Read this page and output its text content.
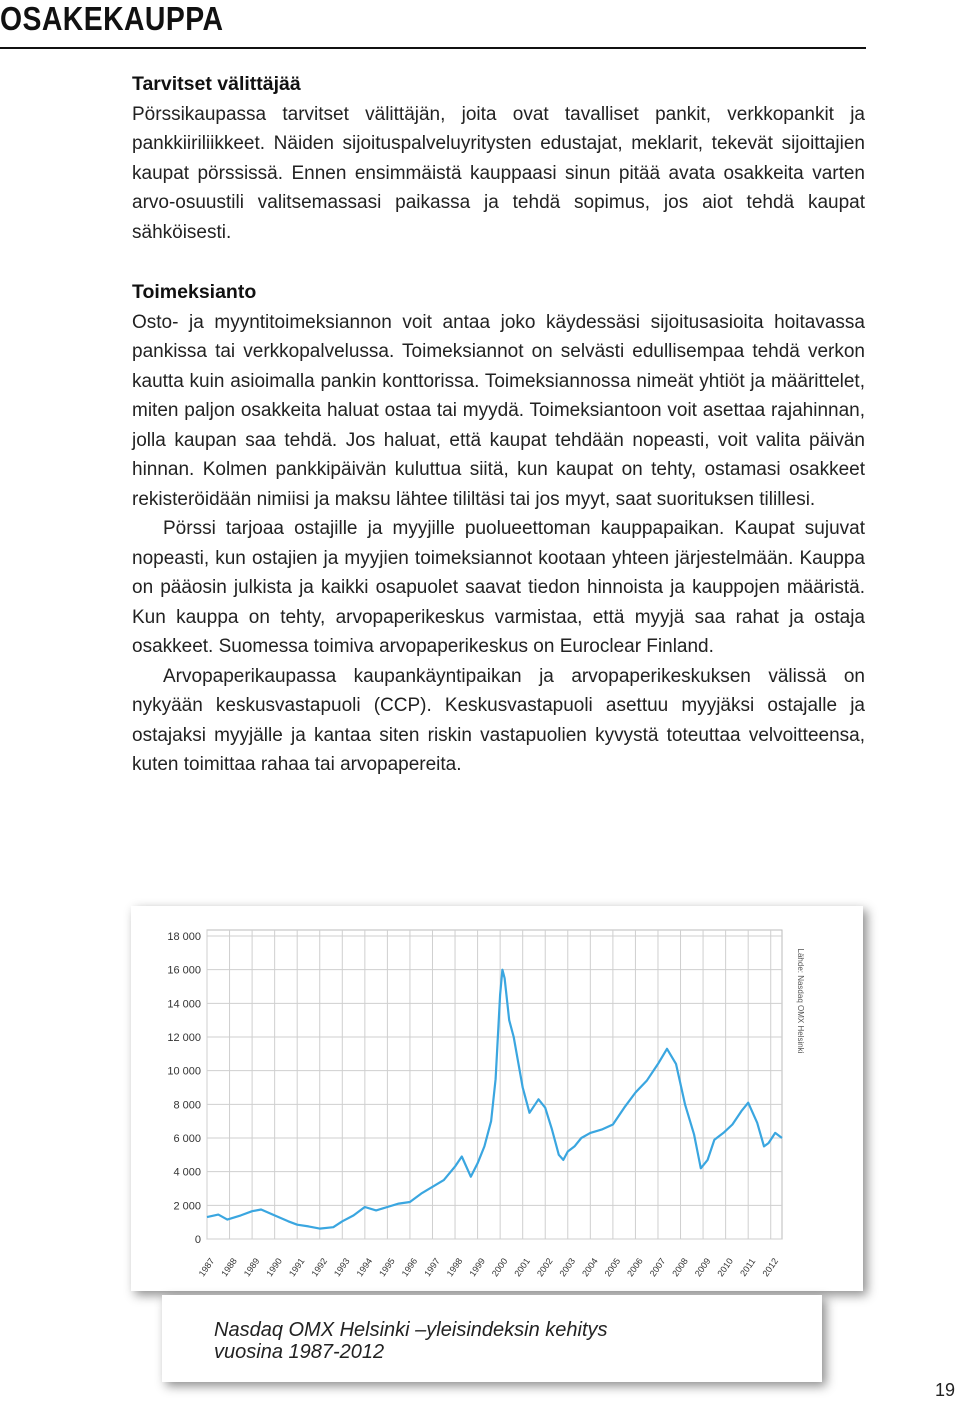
OSAKEKAUPPA
Tarvitset välittäjää

Pörssikaupassa tarvitset välittäjän, joita ovat tavalliset pankit, verkkopankit ja pankkiiriliikkeet. Näiden sijoituspalveluyritysten edustajat, meklarit, tekevät sijoittajien kaupat pörssissä. Ennen ensimmäistä kauppaasi sinun pitää avata osakkeita varten arvo-osuustili valitsemassasi paikassa ja tehdä sopimus, jos aiot tehdä kaupat sähköisesti.

Toimeksianto

Osto- ja myyntitoimeksiannon voit antaa joko käydessäsi sijoitusasioita hoitavassa pankissa tai verkkopalvelussa. Toimeksiannot on selvästi edullisempaa tehdä verkon kautta kuin asioimalla pankin konttorissa. Toimeksiannossa nimeät yhtiöt ja määrittelet, miten paljon osakkeita haluat ostaa tai myydä. Toimeksiantoon voit asettaa rajahinnan, jolla kaupan saa tehdä. Jos haluat, että kaupat tehdään nopeasti, voit valita päivän hinnan. Kolmen pankkipäivän kuluttua siitä, kun kaupat on tehty, ostamasi osakkeet rekisteröidään nimiisi ja maksu lähtee tililtäsi tai jos myyt, saat suorituksen tilillesi.

Pörssi tarjoaa ostajille ja myyjille puolueettoman kauppapaikan. Kaupat sujuvat nopeasti, kun ostajien ja myyjien toimeksiannot kootaan yhteen järjestelmään. Kauppa on pääosin julkista ja kaikki osapuolet saavat tiedon hinnoista ja kauppojen määristä. Kun kauppa on tehty, arvopaperikeskus varmistaa, että myyjä saa rahat ja ostaja osakkeet. Suomessa toimiva arvopaperikeskus on Euroclear Finland.

Arvopaperikaupassa kaupankäyntipaikan ja arvopaperikeskuksen välissä on nykyään keskusvastapuoli (CCP). Keskusvastapuoli asettuu myyjäksi ostajalle ja ostajaksi myyjälle ja kantaa siten riskin vastapuolien kyvystä toteuttaa velvoitteensa, kuten toimittaa rahaa tai arvopapereita.

0
2 000
4 000
6 000
8 000
10 000
12 000
14 000
16 000
18 000
1987 1988 1989 1990 1991 1992 1993 1994 1995 1996 1997 1998 1999 2000 2001 2002 2003 2004 2005 2006 2007 2008 2009 2010 2011 2012
Lähde: Nasdaq OMX Helsinki
Nasdaq OMX Helsinki –yleisindeksin kehitys
vuosina 1987-2012
19
